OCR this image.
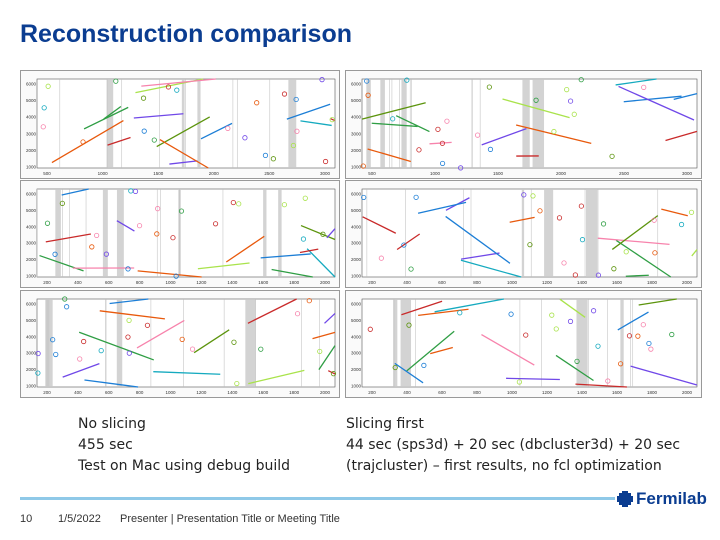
Reconstruction comparison
6000
5000
4000
3000
2000
1000
500	1000	1500	2000	2500	3000
6000
5000
4000
3000
2000
1000
200	400	600	800	1000	1200	1400	1600	1800	2000
6000
5000
4000
3000
2000
1000
200	400	600	800	1000	1200	1400	1600	1800	2000
6000
5000
4000
3000
2000
1000
500	1000	1500	2000	2500	3000
6000
5000
4000
3000
2000
1000
200	400	600	800	1000	1200	1400	1600	1800	2000
6000
5000
4000
3000
2000
1000
200	400	600	800	1000	1200	1400	1600	1800	2000
No slicing
455 sec
Test on Mac using debug build
Slicing first
44 sec (sps3d) + 20 sec (dbcluster3d) + 20 sec
(trajcluster) – first results, no fcl optimization
Fermilab
10 1/5/2022 Presenter | Presentation Title or Meeting Title
